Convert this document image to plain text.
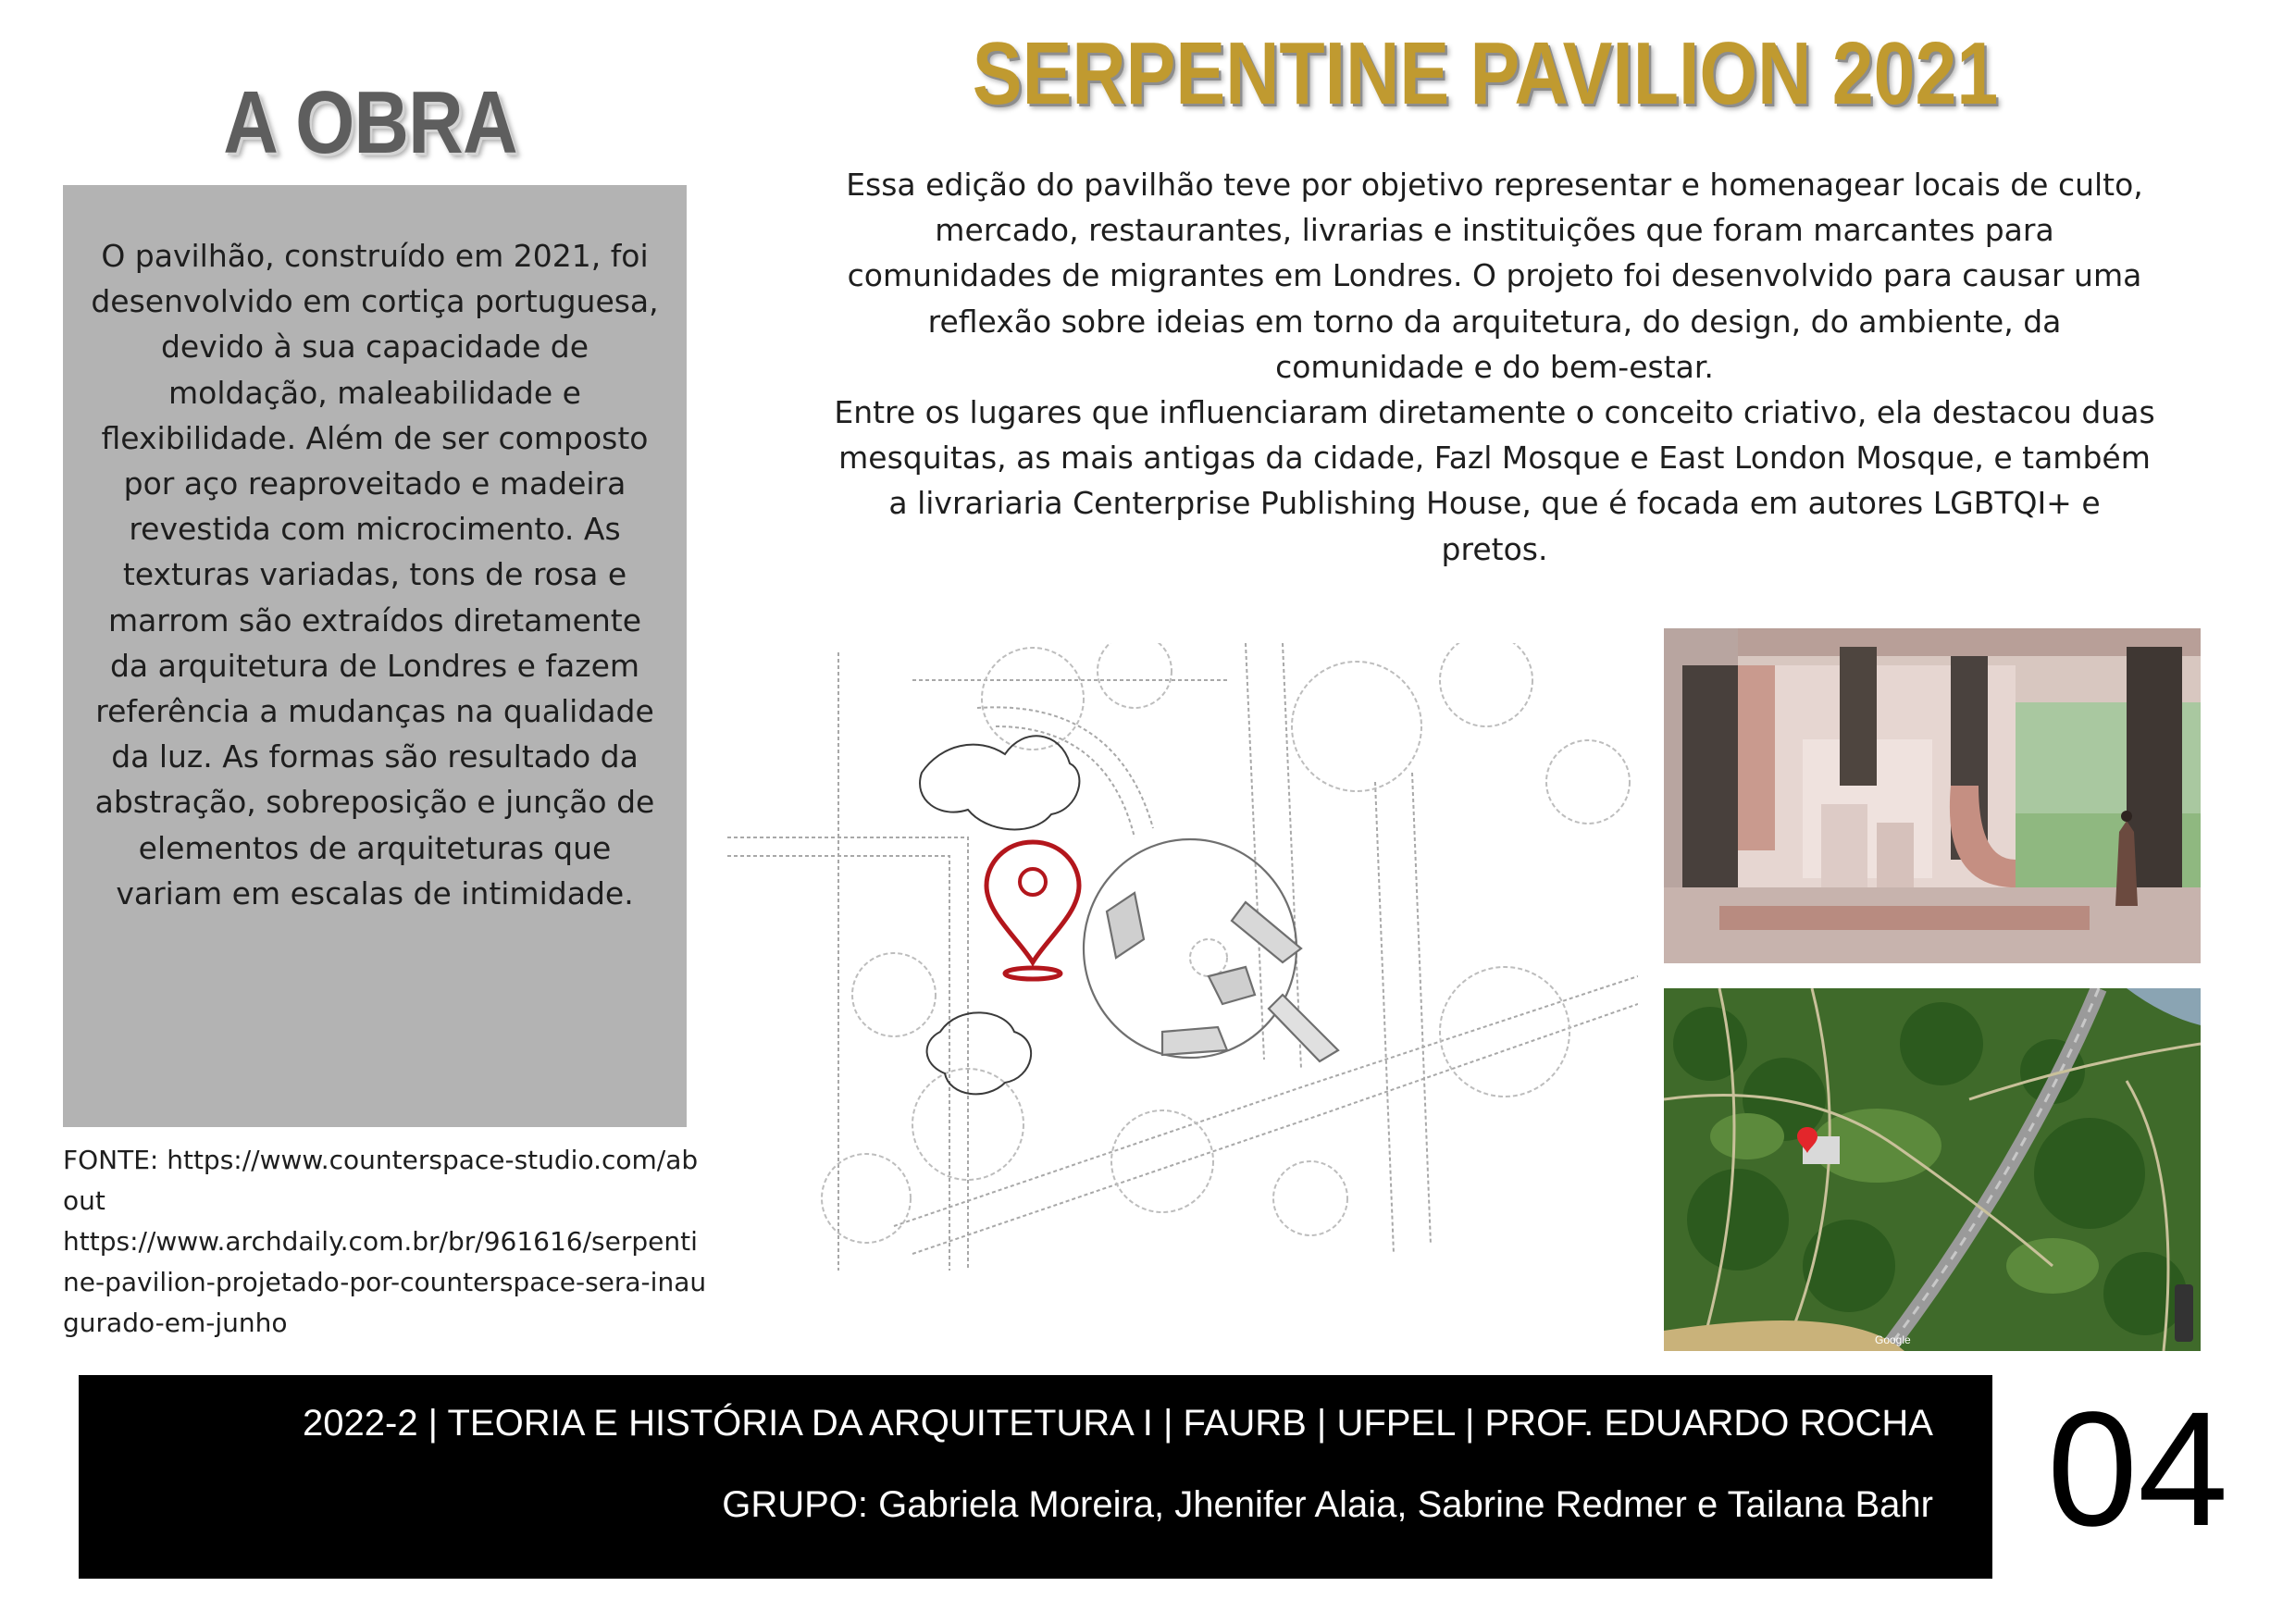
A OBRA	SERPENTINE PAVILION 2021

O pavilhão, construído em 2021, foi desenvolvido em cortiça portuguesa, devido à sua capacidade de moldação, maleabilidade e flexibilidade. Além de ser composto por aço reaproveitado e madeira revestida com microcimento. As texturas variadas, tons de rosa e marrom são extraídos diretamente da arquitetura de Londres e fazem referência a mudanças na qualidade da luz. As formas são resultado da abstração, sobreposição e junção de elementos de arquiteturas que variam em escalas de intimidade.

Essa edição do pavilhão teve por objetivo representar e homenagear locais de culto, mercado, restaurantes, livrarias e instituições que foram marcantes para comunidades de migrantes em Londres. O projeto foi desenvolvido para causar uma reflexão sobre ideias em torno da arquitetura, do design, do ambiente, da comunidade e do bem-estar.

Entre os lugares que influenciaram diretamente o conceito criativo, ela destacou duas mesquitas, as mais antigas da cidade, Fazl Mosque e East London Mosque, e também a livrariaria Centerprise Publishing House, que é focada em autores LGBTQI+ e pretos.

FONTE: https://www.counterspace-studio.com/about
https://www.archdaily.com.br/br/961616/serpentine-pavilion-projetado-por-counterspace-sera-inaugurado-em-junho
Google
2022-2 | TEORIA E HISTÓRIA DA ARQUITETURA I | FAURB | UFPEL | PROF. EDUARDO ROCHA
GRUPO: Gabriela Moreira, Jhenifer Alaia, Sabrine Redmer e Tailana Bahr 04
